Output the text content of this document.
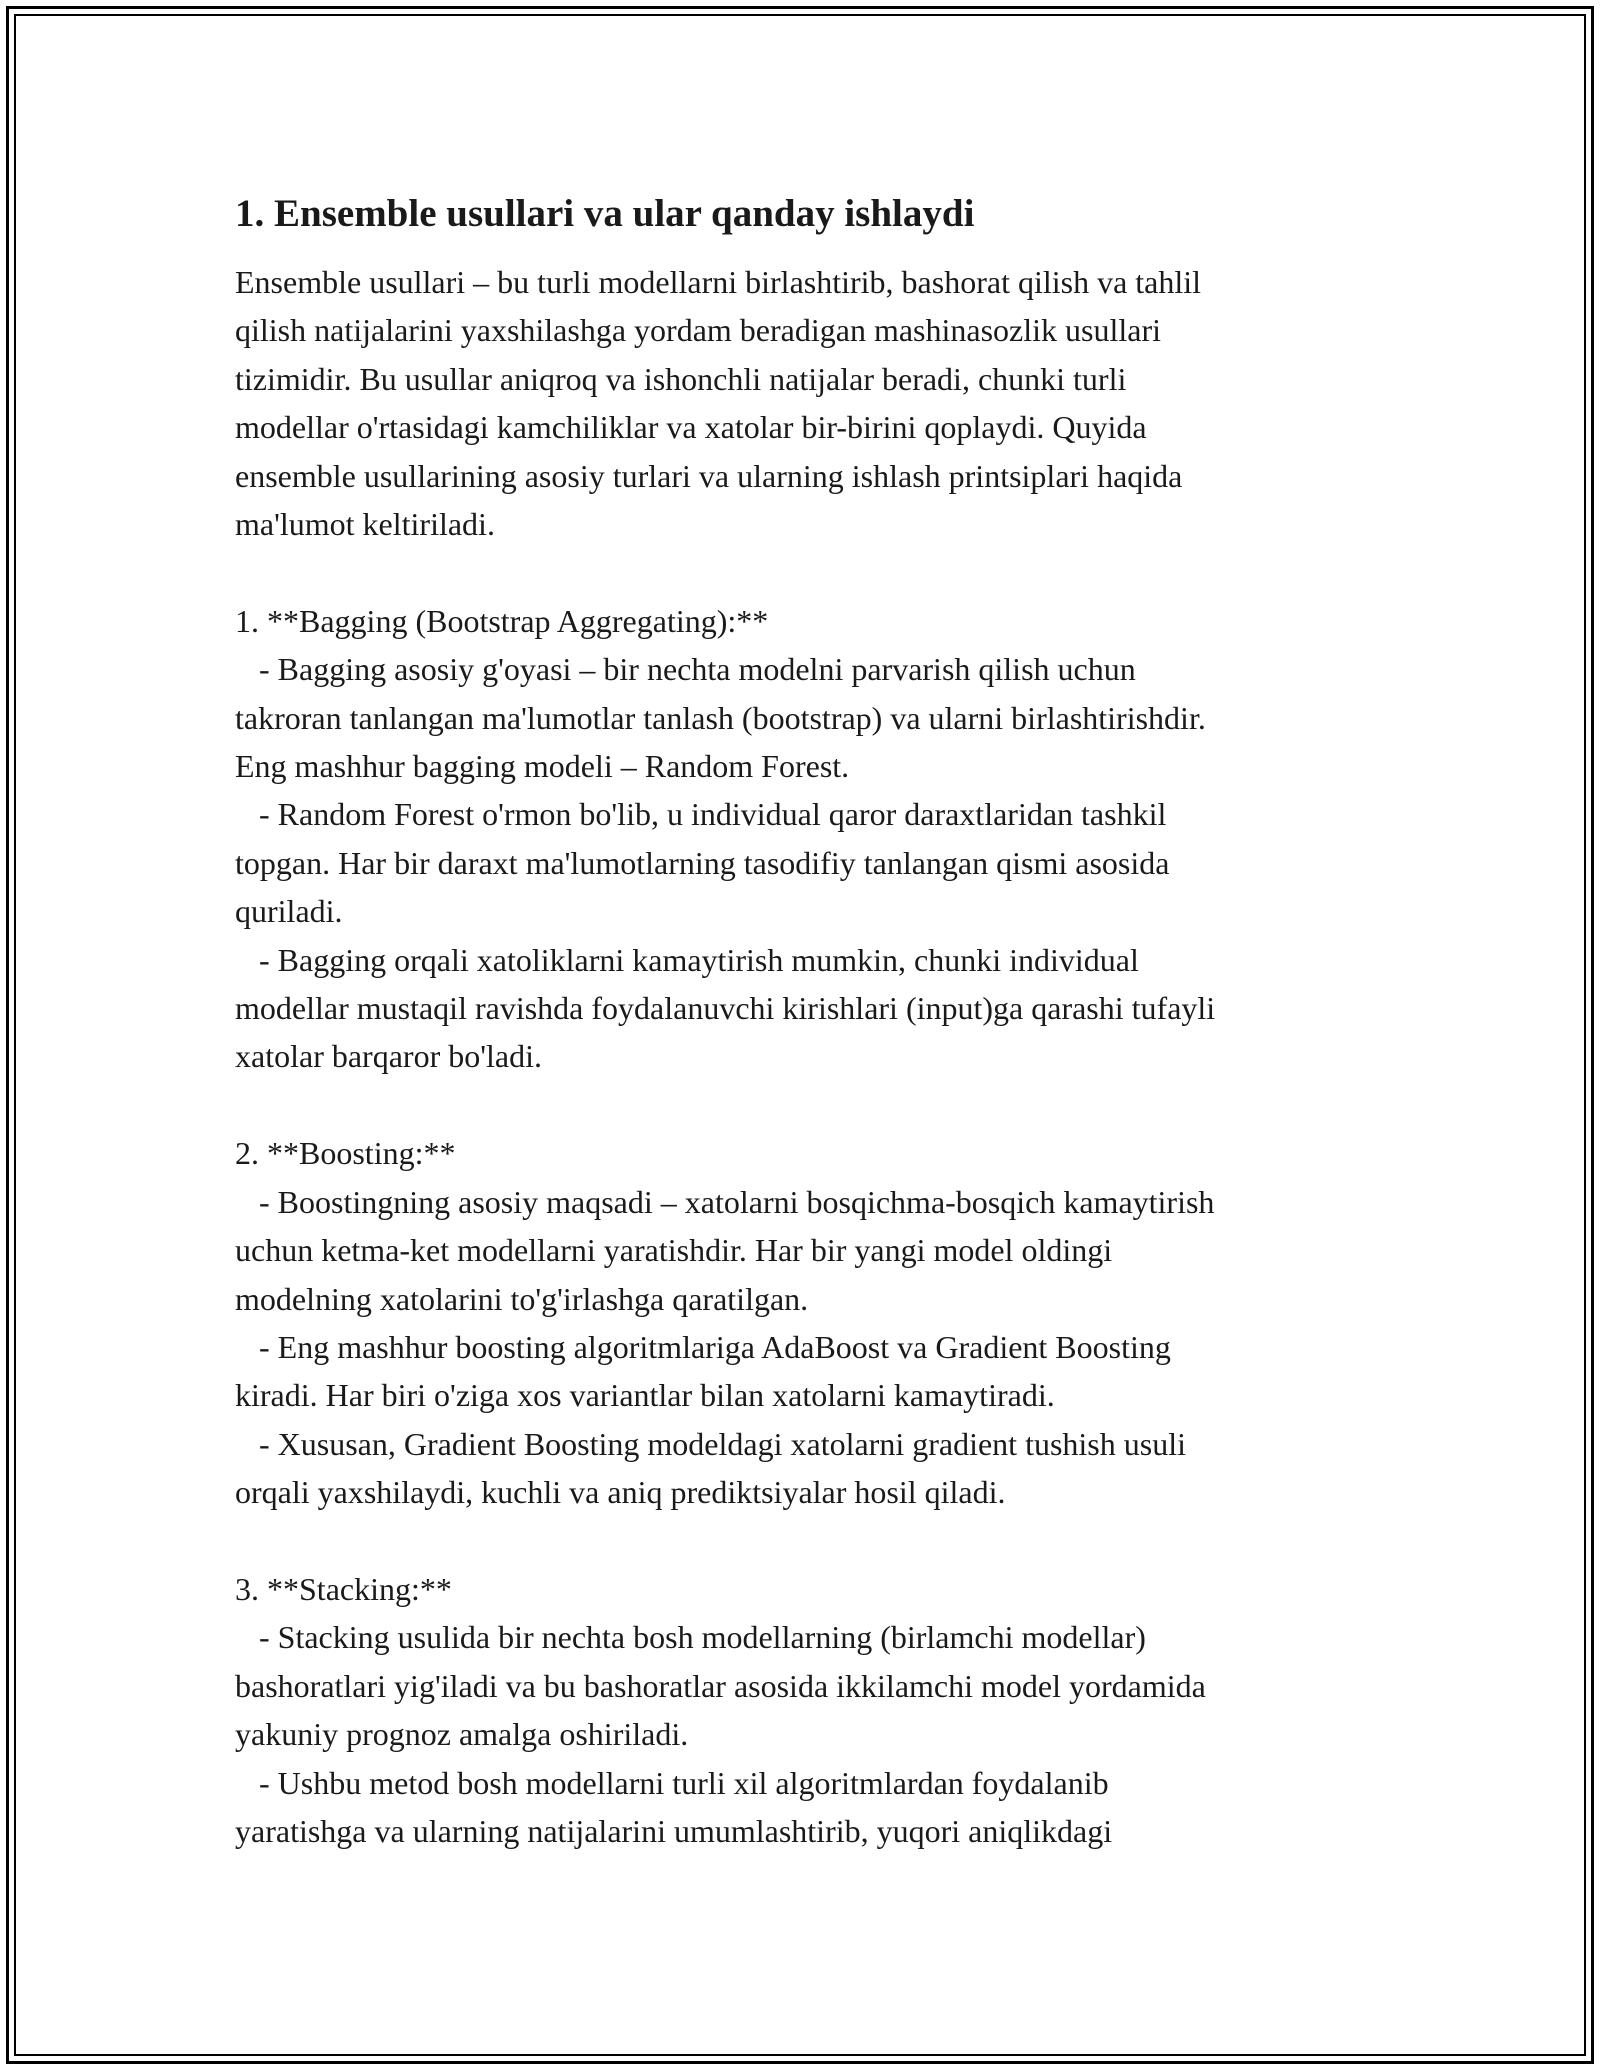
1. Ensemble usullari va ular qanday ishlaydi

Ensemble usullari – bu turli modellarni birlashtirib, bashorat qilish va tahlil
qilish natijalarini yaxshilashga yordam beradigan mashinasozlik usullari
tizimidir. Bu usullar aniqroq va ishonchli natijalar beradi, chunki turli
modellar o'rtasidagi kamchiliklar va xatolar bir-birini qoplaydi. Quyida
ensemble usullarining asosiy turlari va ularning ishlash printsiplari haqida
ma'lumot keltiriladi.

1. **Bagging (Bootstrap Aggregating):**
- Bagging asosiy g'oyasi – bir nechta modelni parvarish qilish uchun
takroran tanlangan ma'lumotlar tanlash (bootstrap) va ularni birlashtirishdir.
Eng mashhur bagging modeli – Random Forest.
- Random Forest o'rmon bo'lib, u individual qaror daraxtlaridan tashkil
topgan. Har bir daraxt ma'lumotlarning tasodifiy tanlangan qismi asosida
quriladi.
- Bagging orqali xatoliklarni kamaytirish mumkin, chunki individual
modellar mustaqil ravishda foydalanuvchi kirishlari (input)ga qarashi tufayli
xatolar barqaror bo'ladi.

2. **Boosting:**
- Boostingning asosiy maqsadi – xatolarni bosqichma-bosqich kamaytirish
uchun ketma-ket modellarni yaratishdir. Har bir yangi model oldingi
modelning xatolarini to'g'irlashga qaratilgan.
- Eng mashhur boosting algoritmlariga AdaBoost va Gradient Boosting
kiradi. Har biri o'ziga xos variantlar bilan xatolarni kamaytiradi.
- Xususan, Gradient Boosting modeldagi xatolarni gradient tushish usuli
orqali yaxshilaydi, kuchli va aniq prediktsiyalar hosil qiladi.

3. **Stacking:**
- Stacking usulida bir nechta bosh modellarning (birlamchi modellar)
bashoratlari yig'iladi va bu bashoratlar asosida ikkilamchi model yordamida
yakuniy prognoz amalga oshiriladi.
- Ushbu metod bosh modellarni turli xil algoritmlardan foydalanib
yaratishga va ularning natijalarini umumlashtirib, yuqori aniqlikdagi
